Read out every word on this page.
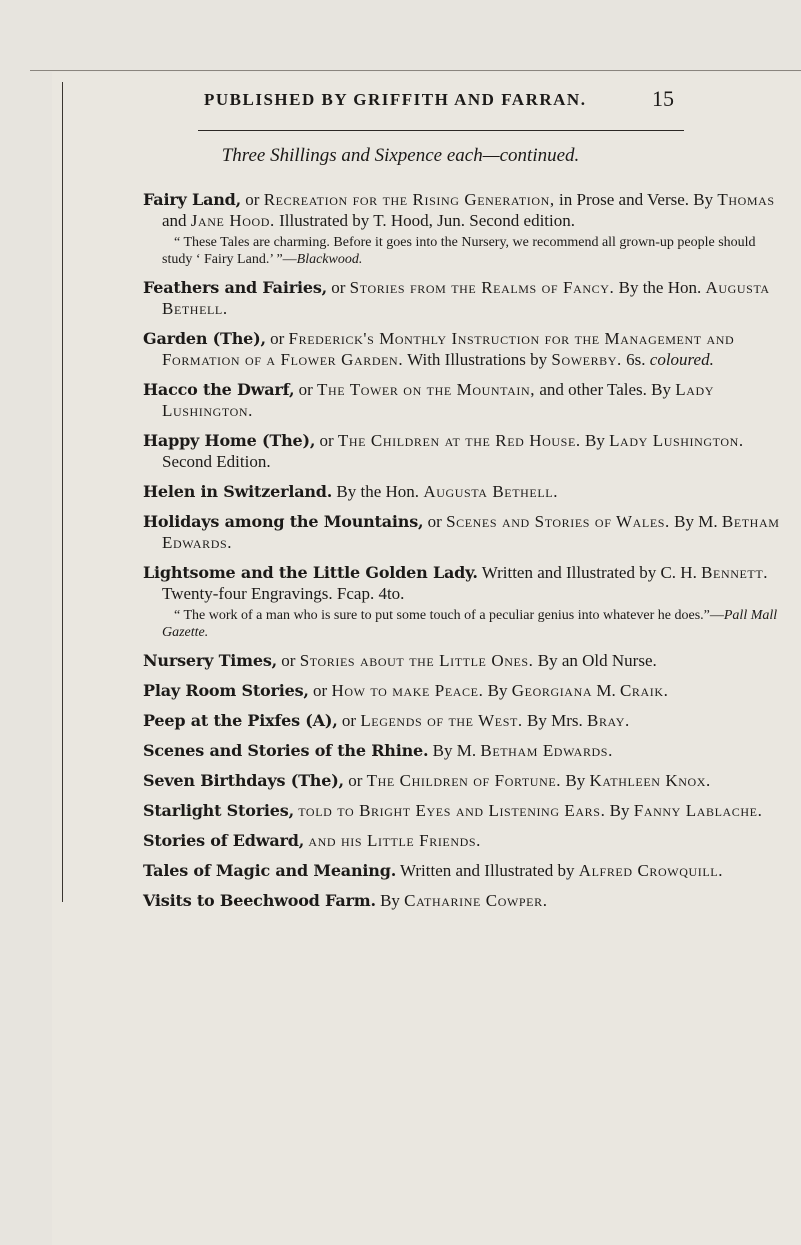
PUBLISHED BY GRIFFITH AND FARRAN.	15
Three Shillings and Sixpence each—continued.
Fairy Land, or Recreation for the Rising Generation, in Prose and Verse. By Thomas and Jane Hood. Illustrated by T. Hood, Jun. Second edition.
“ These Tales are charming. Before it goes into the Nursery, we recommend all grown-up people should study ‘ Fairy Land.’ ”—Blackwood.
Feathers and Fairies, or Stories from the Realms of Fancy. By the Hon. Augusta Bethell.
Garden (The), or Frederick's Monthly Instruction for the Management and Formation of a Flower Garden. With Illustrations by Sowerby. 6s. coloured.
Hacco the Dwarf, or The Tower on the Mountain, and other Tales. By Lady Lushington.
Happy Home (The), or The Children at the Red House. By Lady Lushington. Second Edition.
Helen in Switzerland. By the Hon. Augusta Bethell.
Holidays among the Mountains, or Scenes and Stories of Wales. By M. Betham Edwards.
Lightsome and the Little Golden Lady. Written and Illustrated by C. H. Bennett. Twenty-four Engravings. Fcap. 4to.
“ The work of a man who is sure to put some touch of a peculiar genius into whatever he does.”—Pall Mall Gazette.
Nursery Times, or Stories about the Little Ones. By an Old Nurse.
Play Room Stories, or How to make Peace. By Georgiana M. Craik.
Peep at the Pixfes (A), or Legends of the West. By Mrs. Bray.
Scenes and Stories of the Rhine. By M. Betham Edwards.
Seven Birthdays (The), or The Children of Fortune. By Kathleen Knox.
Starlight Stories, told to Bright Eyes and Listening Ears. By Fanny Lablache.
Stories of Edward, and his Little Friends.
Tales of Magic and Meaning. Written and Illustrated by Alfred Crowquill.
Visits to Beechwood Farm. By Catharine Cowper.
